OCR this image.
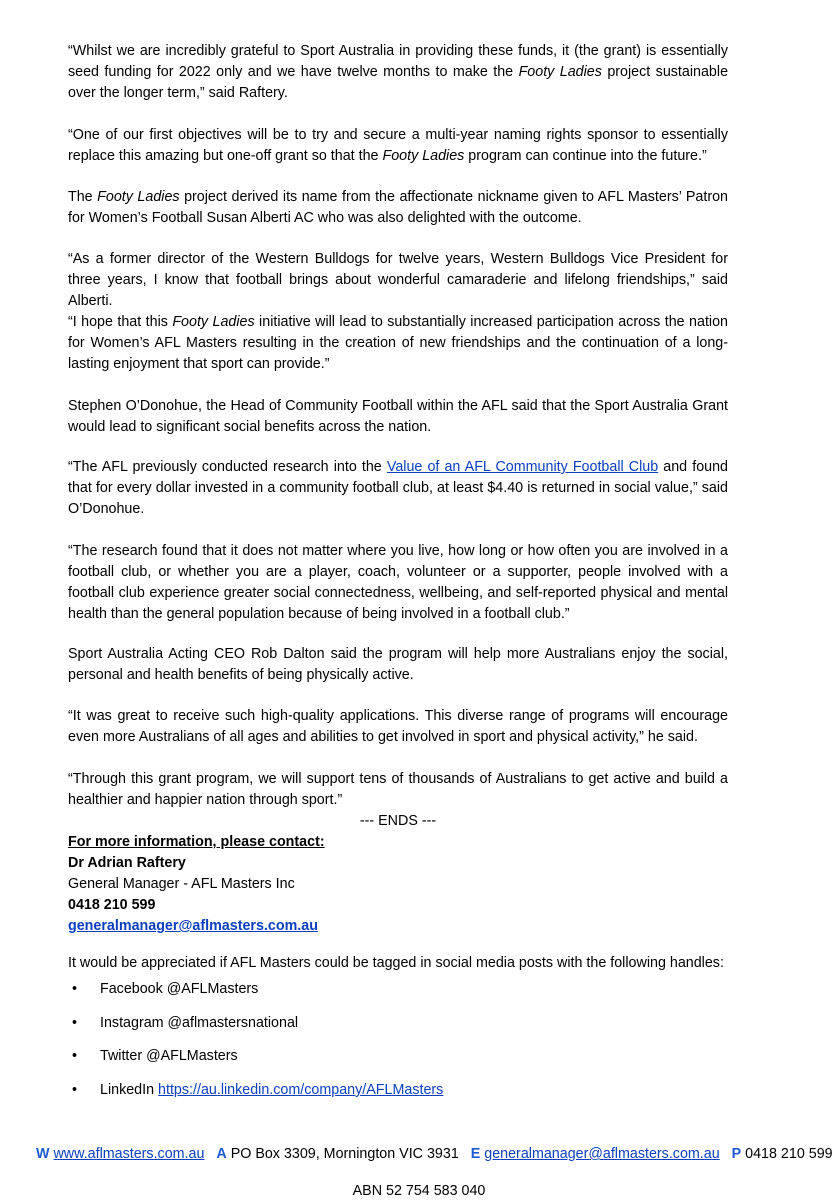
“Whilst we are incredibly grateful to Sport Australia in providing these funds, it (the grant) is essentially seed funding for 2022 only and we have twelve months to make the Footy Ladies project sustainable over the longer term,” said Raftery.

“One of our first objectives will be to try and secure a multi-year naming rights sponsor to essentially replace this amazing but one-off grant so that the Footy Ladies program can continue into the future.”

The Footy Ladies project derived its name from the affectionate nickname given to AFL Masters’ Patron for Women’s Football Susan Alberti AC who was also delighted with the outcome.

“As a former director of the Western Bulldogs for twelve years, Western Bulldogs Vice President for three years, I know that football brings about wonderful camaraderie and lifelong friendships,” said Alberti.

“I hope that this Footy Ladies initiative will lead to substantially increased participation across the nation for Women’s AFL Masters resulting in the creation of new friendships and the continuation of a long-lasting enjoyment that sport can provide.”

Stephen O’Donohue, the Head of Community Football within the AFL said that the Sport Australia Grant would lead to significant social benefits across the nation.

“The AFL previously conducted research into the Value of an AFL Community Football Club and found that for every dollar invested in a community football club, at least $4.40 is returned in social value,” said O’Donohue.

“The research found that it does not matter where you live, how long or how often you are involved in a football club, or whether you are a player, coach, volunteer or a supporter, people involved with a football club experience greater social connectedness, wellbeing, and self-reported physical and mental health than the general population because of being involved in a football club.”

Sport Australia Acting CEO Rob Dalton said the program will help more Australians enjoy the social, personal and health benefits of being physically active.

“It was great to receive such high-quality applications. This diverse range of programs will encourage even more Australians of all ages and abilities to get involved in sport and physical activity,” he said.

“Through this grant program, we will support tens of thousands of Australians to get active and build a healthier and happier nation through sport.”

--- ENDS ---
For more information, please contact:
Dr Adrian Raftery
General Manager - AFL Masters Inc
0418 210 599
generalmanager@aflmasters.com.au
It would be appreciated if AFL Masters could be tagged in social media posts with the following handles:
• Facebook @AFLMasters
• Instagram @aflmastersnational
• Twitter @AFLMasters
• LinkedIn https://au.linkedin.com/company/AFLMasters
W www.aflmasters.com.au A PO Box 3309, Mornington VIC 3931 E generalmanager@aflmasters.com.au P 0418 210 599
ABN 52 754 583 040
